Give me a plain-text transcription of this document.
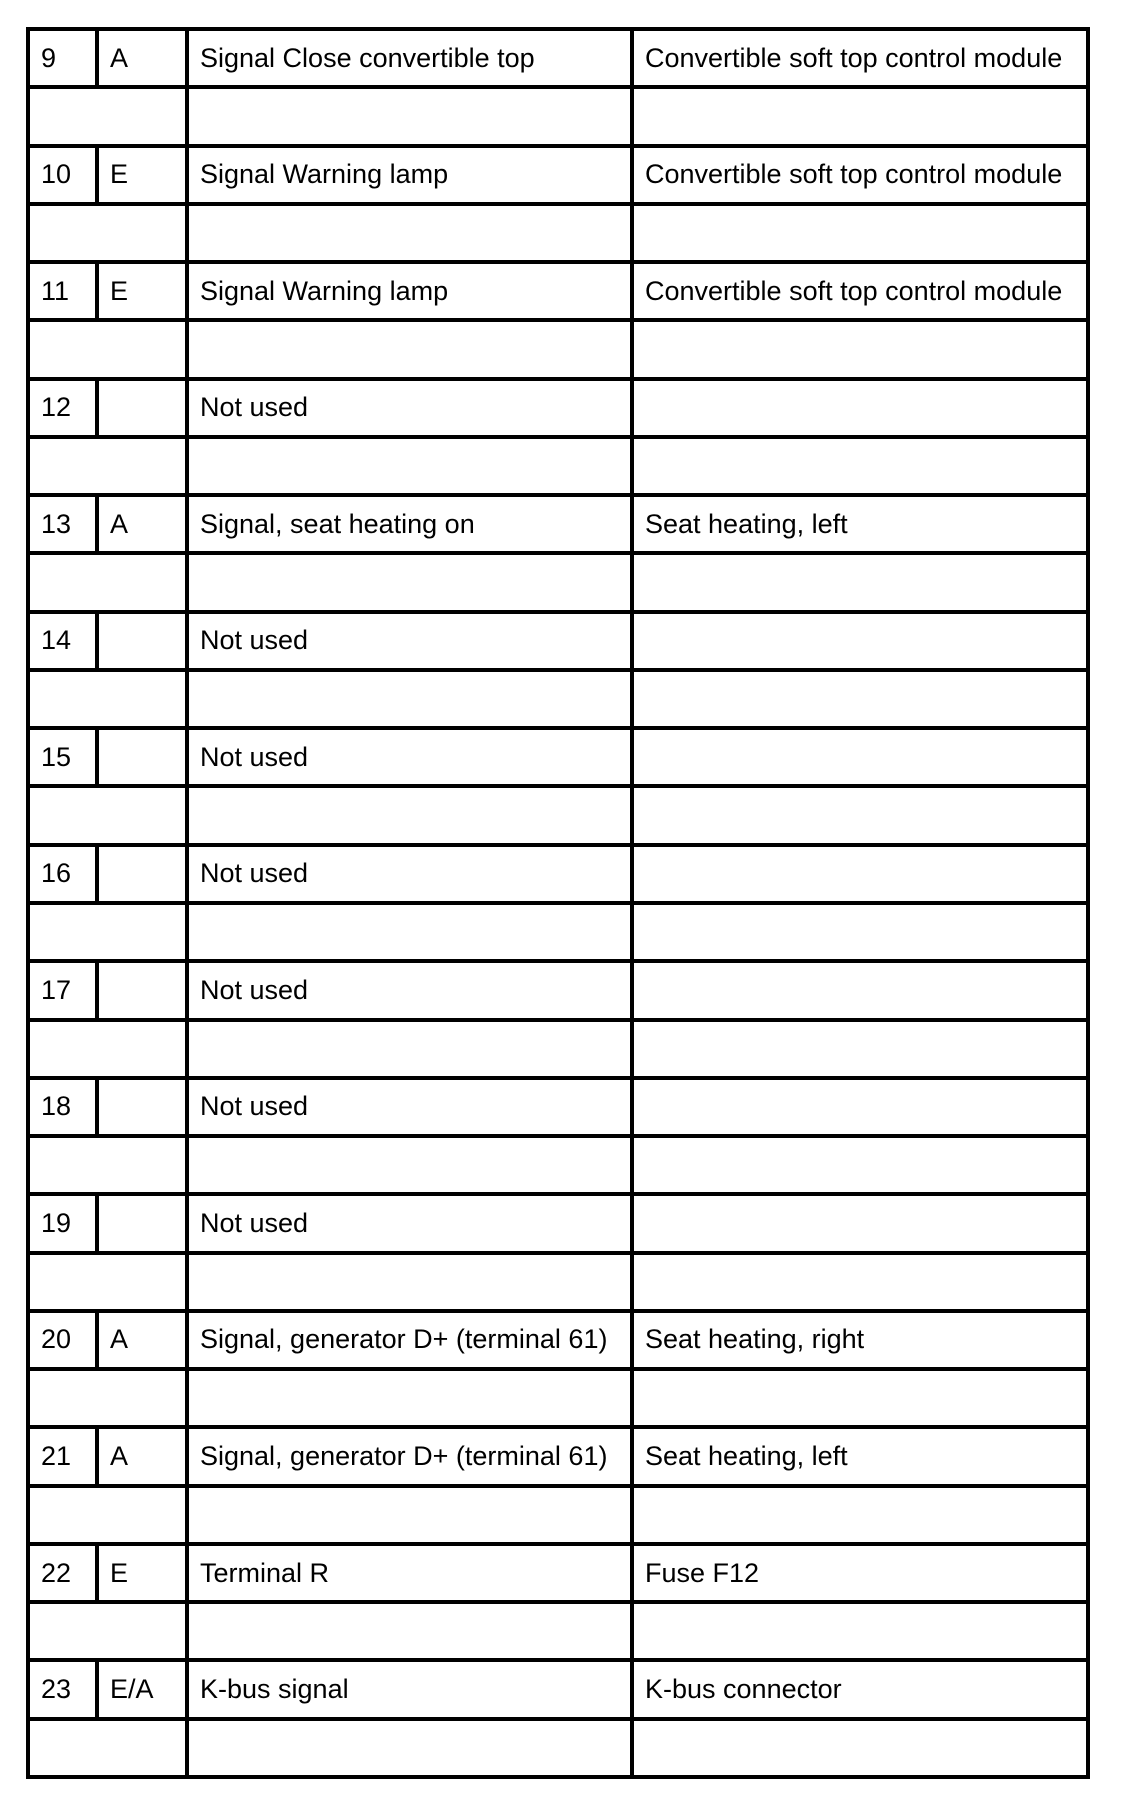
9	A	Signal Close convertible top	Convertible soft top control module

10	E	Signal Warning lamp	Convertible soft top control module

11	E	Signal Warning lamp	Convertible soft top control module

12		Not used	

13	A	Signal, seat heating on	Seat heating, left

14		Not used	

15		Not used	

16		Not used	

17		Not used	

18		Not used	

19		Not used	

20	A	Signal, generator D+ (terminal 61)	Seat heating, right

21	A	Signal, generator D+ (terminal 61)	Seat heating, left

22	E	Terminal R	Fuse F12

23	E/A	K-bus signal	K-bus connector
